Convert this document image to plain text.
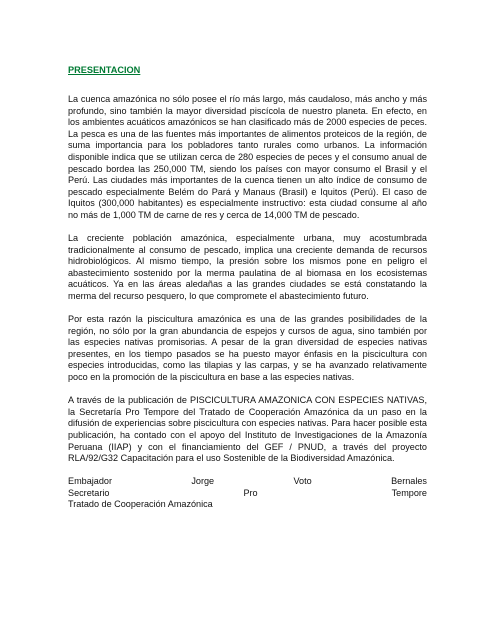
PRESENTACION

La cuenca amazónica no sólo posee el río más largo, más caudaloso, más ancho y más profundo, sino también la mayor diversidad piscícola de nuestro planeta. En efecto, en los ambientes acuáticos amazónicos se han clasificado más de 2000 especies de peces. La pesca es una de las fuentes más importantes de alimentos proteicos de la región, de suma importancia para los pobladores tanto rurales como urbanos. La información disponible indica que se utilizan cerca de 280 especies de peces y el consumo anual de pescado bordea las 250,000 TM, siendo los países con mayor consumo el Brasil y el Perú. Las ciudades más importantes de la cuenca tienen un alto índice de consumo de pescado especialmente Belém do Pará y Manaus (Brasil) e Iquitos (Perú). El caso de Iquitos (300,000 habitantes) es especialmente instructivo: esta ciudad consume al año no más de 1,000 TM de carne de res y cerca de 14,000 TM de pescado.

La creciente población amazónica, especialmente urbana, muy acostumbrada tradicionalmente al consumo de pescado, implica una creciente demanda de recursos hidrobiológicos. Al mismo tiempo, la presión sobre los mismos pone en peligro el abastecimiento sostenido por la merma paulatina de al biomasa en los ecosistemas acuáticos. Ya en las áreas aledañas a las grandes ciudades se está constatando la merma del recurso pesquero, lo que compromete el abastecimiento futuro.

Por esta razón la piscicultura amazónica es una de las grandes posibilidades de la región, no sólo por la gran abundancia de espejos y cursos de agua, sino también por las especies nativas promisorias. A pesar de la gran diversidad de especies nativas presentes, en los tiempo pasados se ha puesto mayor énfasis en la piscicultura con especies introducidas, como las tilapias y las carpas, y se ha avanzado relativamente poco en la promoción de la piscicultura en base a las especies nativas.

A través de la publicación de PISCICULTURA AMAZONICA CON ESPECIES NATIVAS, la Secretaría Pro Tempore del Tratado de Cooperación Amazónica da un paso en la difusión de experiencias sobre piscicultura con especies nativas. Para hacer posible esta publicación, ha contado con el apoyo del Instituto de Investigaciones de la Amazonía Peruana (IIAP) y con el financiamiento del GEF / PNUD, a través del proyecto RLA/92/G32 Capacitación para el uso Sostenible de la Biodiversidad Amazónica.

Embajador	Jorge	Voto	Bernales
Secretario	Pro	Tempore
Tratado de Cooperación Amazónica
